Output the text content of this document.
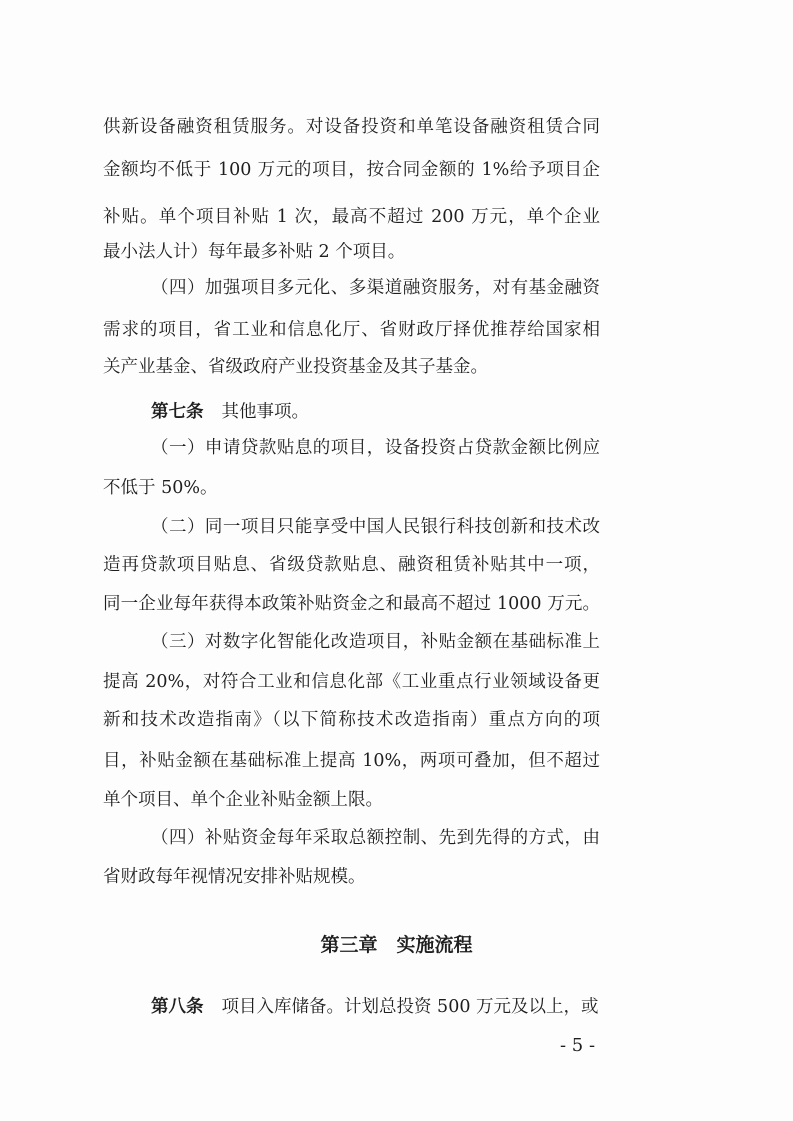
供新设备融资租赁服务。对设备投资和单笔设备融资租赁合同
金额均不低于 100 万元的项目，按合同金额的 1%给予项目企
补贴。单个项目补贴 1 次，最高不超过 200 万元，单个企业
最小法人计）每年最多补贴 2 个项目。
（四）加强项目多元化、多渠道融资服务，对有基金融资
需求的项目，省工业和信息化厅、省财政厅择优推荐给国家相
关产业基金、省级政府产业投资基金及其子基金。
第七条 其他事项。
（一）申请贷款贴息的项目，设备投资占贷款金额比例应
不低于 50%。
（二）同一项目只能享受中国人民银行科技创新和技术改
造再贷款项目贴息、省级贷款贴息、融资租赁补贴其中一项，
同一企业每年获得本政策补贴资金之和最高不超过 1000 万元。
（三）对数字化智能化改造项目，补贴金额在基础标准上
提高 20%，对符合工业和信息化部《工业重点行业领域设备更
新和技术改造指南》（以下简称技术改造指南）重点方向的项
目，补贴金额在基础标准上提高 10%，两项可叠加，但不超过
单个项目、单个企业补贴金额上限。
（四）补贴资金每年采取总额控制、先到先得的方式，由
省财政每年视情况安排补贴规模。
第三章　实施流程
第八条 项目入库储备。计划总投资 500 万元及以上，或
- 5 -
